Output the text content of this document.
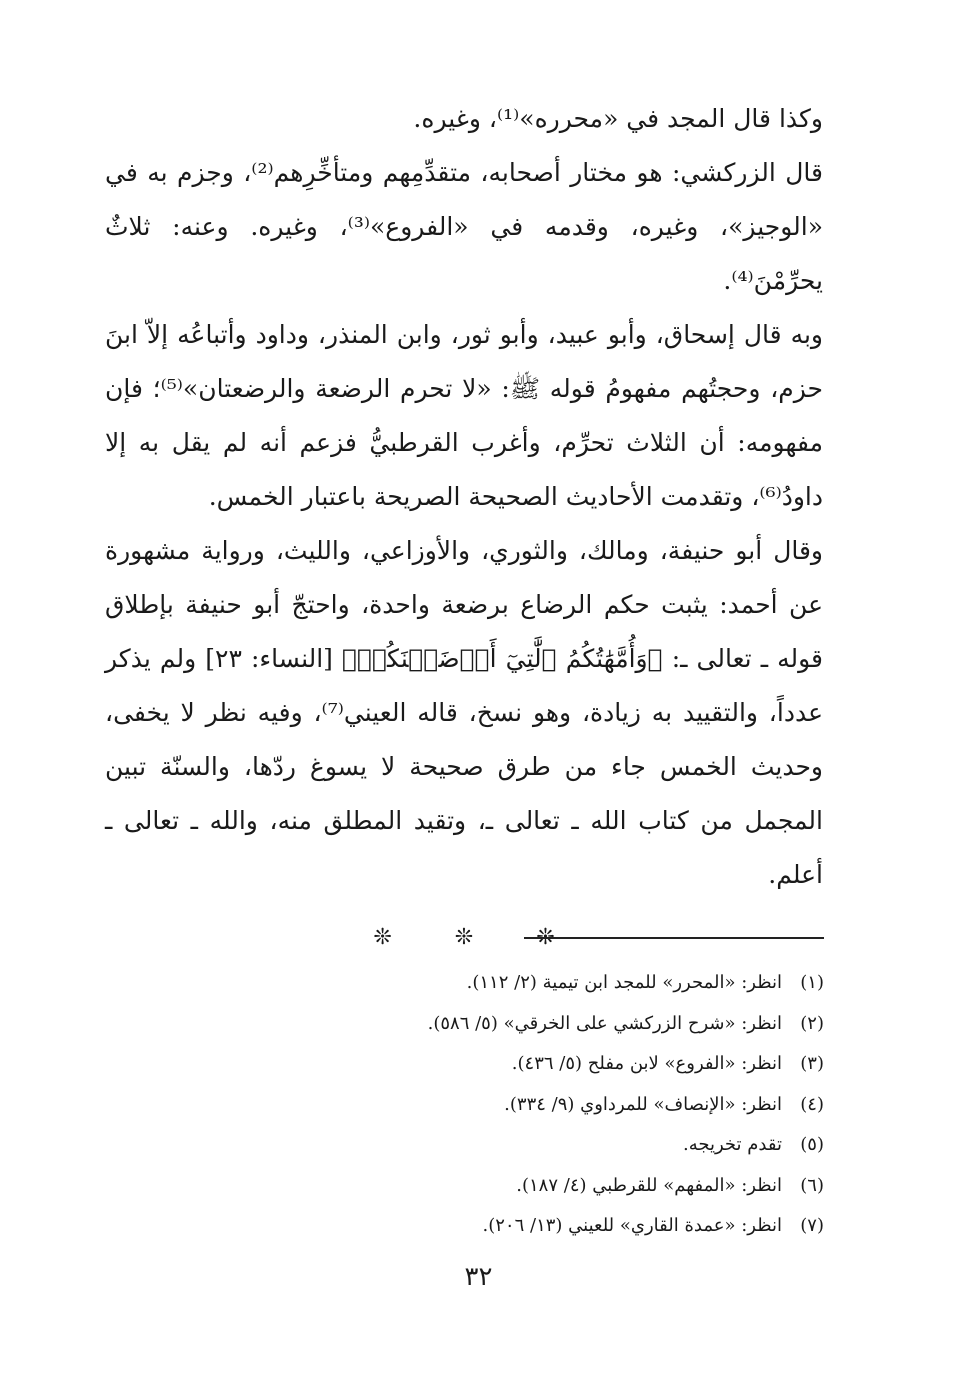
وكذا قال المجد في «محرره»⁽¹⁾، وغيره.

قال الزركشي: هو مختار أصحابه، متقدِّمِهم ومتأخِّرِهم⁽²⁾، وجزم به في «الوجيز»، وغيره، وقدمه في «الفروع»⁽³⁾، وغيره. وعنه: ثلاثٌ يحرِّمْنَ⁽⁴⁾.

وبه قال إسحاق، وأبو عبيد، وأبو ثور، وابن المنذر، وداود وأتباعُه إلاّ ابنَ حزم، وحجتُهم مفهومُ قوله ﷺ: «لا تحرم الرضعة والرضعتان»⁽⁵⁾؛ فإن مفهومه: أن الثلاث تحرِّم، وأغرب القرطبيُّ فزعم أنه لم يقل به إلا داودُ⁽⁶⁾، وتقدمت الأحاديث الصحيحة الصريحة باعتبار الخمس.

وقال أبو حنيفة، ومالك، والثوري، والأوزاعي، والليث، ورواية مشهورة عن أحمد: يثبت حكم الرضاع برضعة واحدة، واحتجّ أبو حنيفة بإطلاق قوله ـ تعالى ـ: ﴿وَأُمَّهَٰتُكُمُ ٱلَّٰتِيٓ أَرۡضَعۡنَكُمۡ﴾ [النساء: ٢٣] ولم يذكر عدداً، والتقييد به زيادة، وهو نسخ، قاله العيني⁽⁷⁾، وفيه نظر لا يخفى، وحديث الخمس جاء من طرق صحيحة لا يسوغ ردّها، والسنّة تبين المجمل من كتاب الله ـ تعالى ـ، وتقيد المطلق منه، والله ـ تعالى ـ أعلم.

❊ ❊ ❊
(١)انظر: «المحرر» للمجد ابن تيمية (٢/ ١١٢).
(٢)انظر: «شرح الزركشي على الخرقي» (٥/ ٥٨٦).
(٣)انظر: «الفروع» لابن مفلح (٥/ ٤٣٦).
(٤)انظر: «الإنصاف» للمرداوي (٩/ ٣٣٤).
(٥)تقدم تخريجه.
(٦)انظر: «المفهم» للقرطبي (٤/ ١٨٧).
(٧)انظر: «عمدة القاري» للعيني (١٣/ ٢٠٦).
٣٢
